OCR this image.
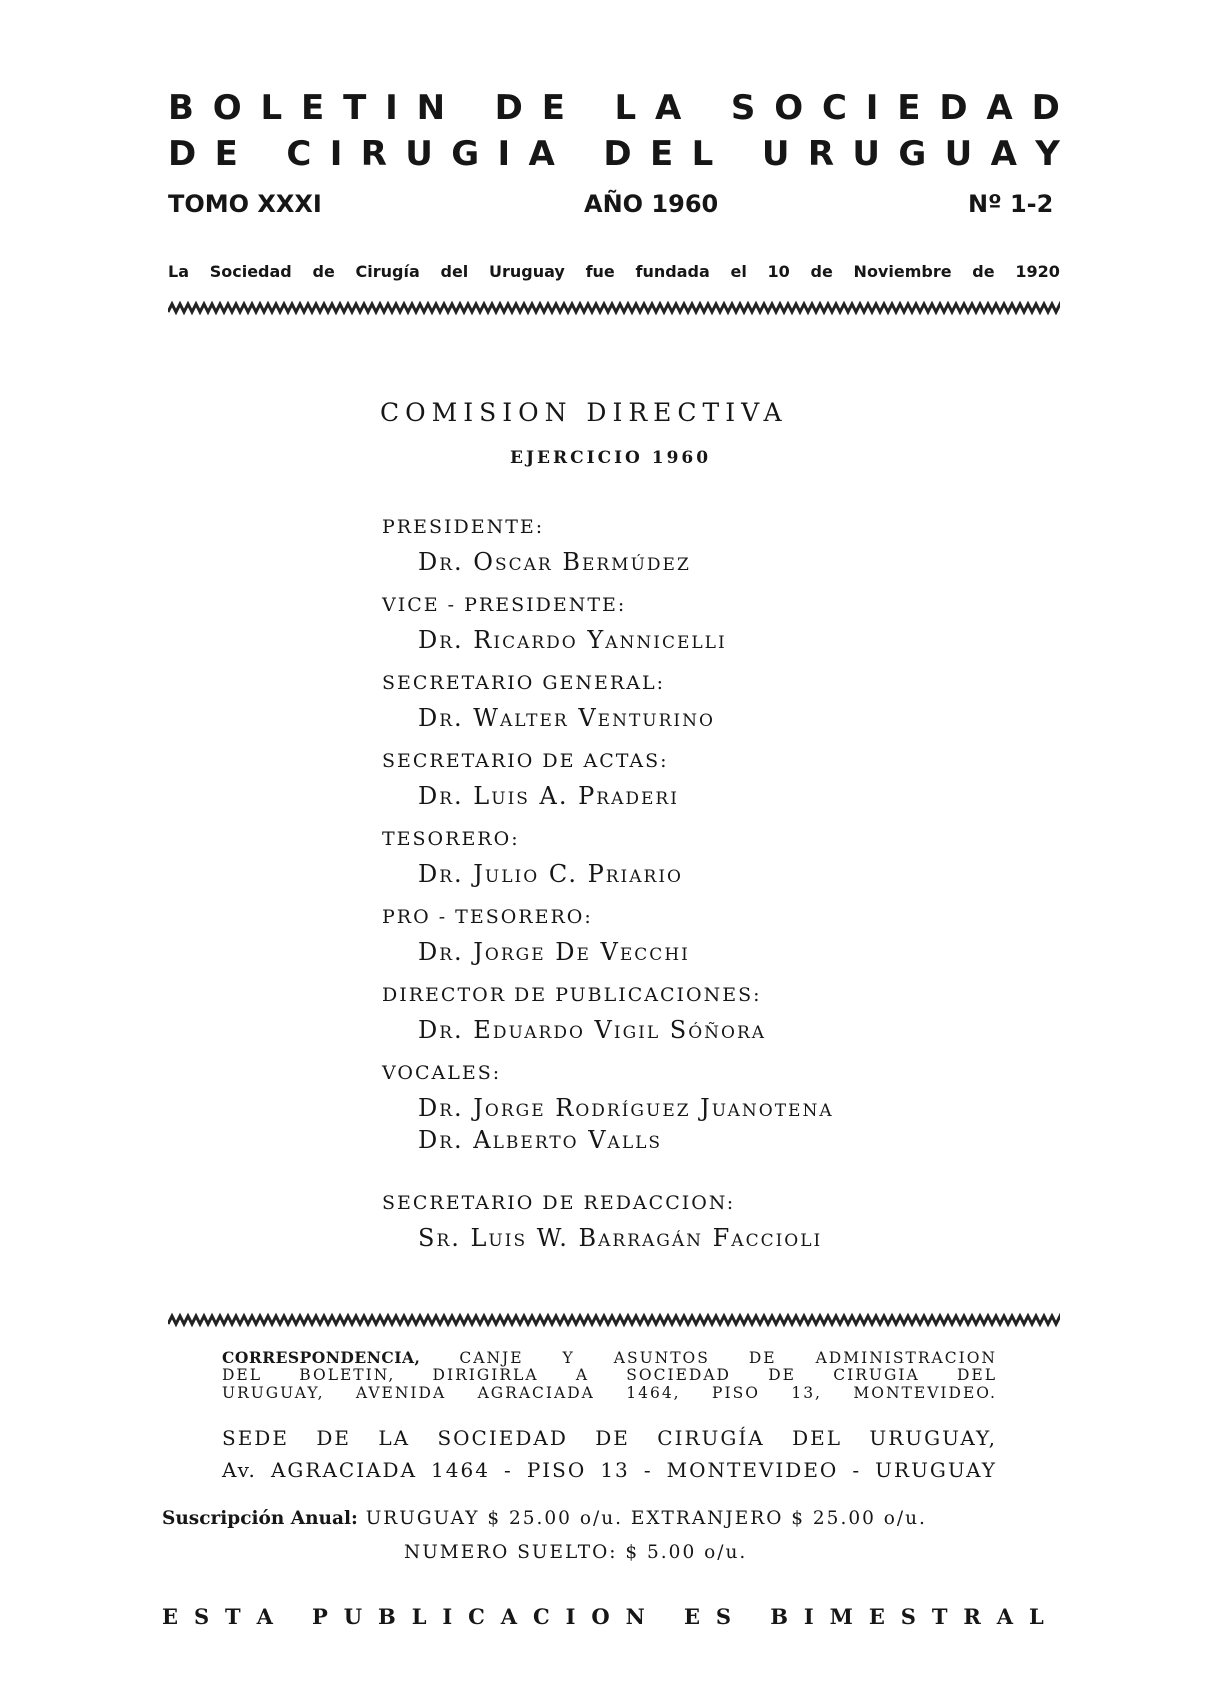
B O L E T I N
D E
L A
S O C I E D A D
D E
C I R U G I A
D E L
U R U G U A Y
TOMO XXXI	AÑO 1960	Nº 1-2
La Sociedad de Cirugía del Uruguay fue fundada el 10 de Noviembre de 1920
COMISION DIRECTIVA
EJERCICIO 1960
PRESIDENTE:
Dr. Oscar Bermúdez
VICE - PRESIDENTE:
Dr. Ricardo Yannicelli
SECRETARIO GENERAL:
Dr. Walter Venturino
SECRETARIO DE ACTAS:
Dr. Luis A. Praderi
TESORERO:
Dr. Julio C. Priario
PRO - TESORERO:
Dr. Jorge De Vecchi
DIRECTOR DE PUBLICACIONES:
Dr. Eduardo Vigil Sóñora
VOCALES:
Dr. Jorge Rodríguez Juanotena
Dr. Alberto Valls
SECRETARIO DE REDACCION:
Sr. Luis W. Barragán Faccioli
CORRESPONDENCIA,	CANJE Y ASUNTOS DE ADMINISTRACION
DEL BOLETIN, DIRIGIRLA A SOCIEDAD DE CIRUGIA DEL
URUGUAY, AVENIDA AGRACIADA 1464, PISO 13, MONTEVIDEO.
SEDE DE LA SOCIEDAD DE CIRUGÍA DEL URUGUAY,
Av. AGRACIADA 1464 - PISO 13 - MONTEVIDEO - URUGUAY
Suscripción Anual: URUGUAY $ 25.00 o/u. EXTRANJERO $ 25.00 o/u.
NUMERO SUELTO: $ 5.00 o/u.
E S T A
P U B L I C A C I O N
E S
B I M E S T R A L
